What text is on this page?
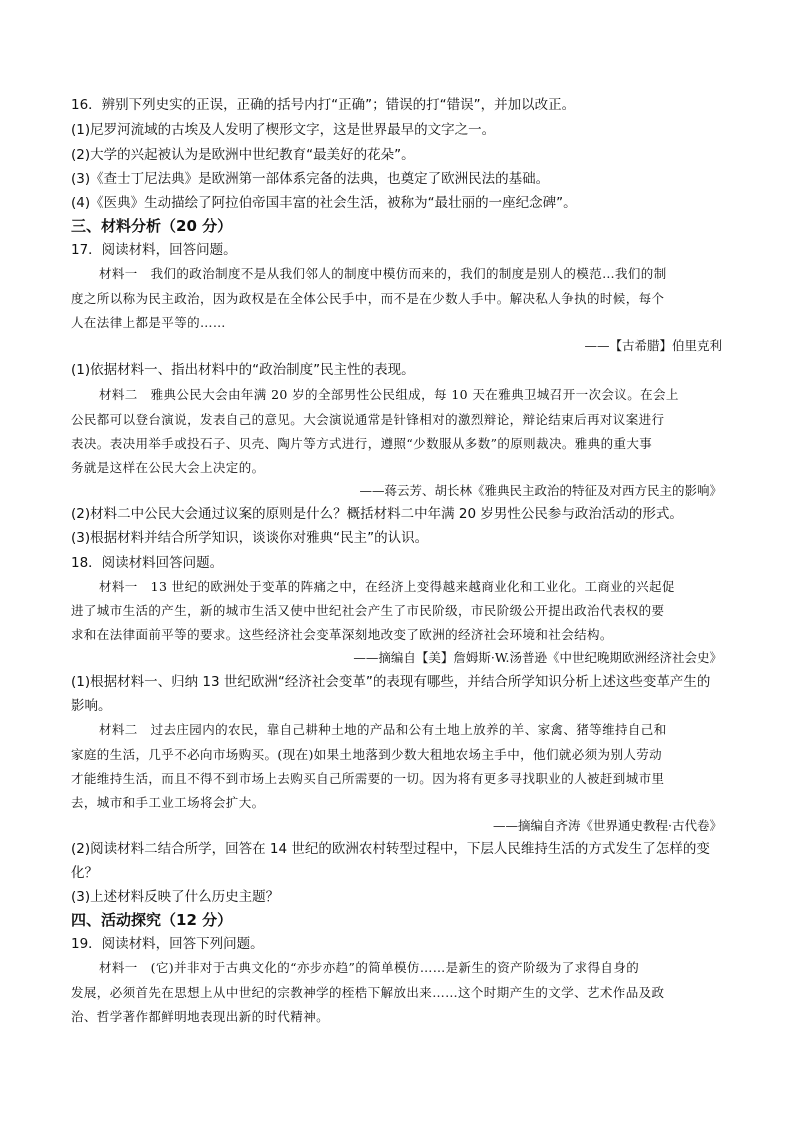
16．辨别下列史实的正误，正确的括号内打“正确”；错误的打“错误”，并加以改正。
(1)尼罗河流域的古埃及人发明了楔形文字，这是世界最早的文字之一。
(2)大学的兴起被认为是欧洲中世纪教育“最美好的花朵”。
(3)《查士丁尼法典》是欧洲第一部体系完备的法典，也奠定了欧洲民法的基础。
(4)《医典》生动描绘了阿拉伯帝国丰富的社会生活，被称为“最壮丽的一座纪念碑”。
三、材料分析（20 分）
17．阅读材料，回答问题。
材料一　我们的政治制度不是从我们邻人的制度中模仿而来的，我们的制度是别人的模范…我们的制
度之所以称为民主政治，因为政权是在全体公民手中，而不是在少数人手中。解决私人争执的时候，每个
人在法律上都是平等的……
——【古希腊】伯里克利
(1)依据材料一、指出材料中的“政治制度”民主性的表现。
材料二　雅典公民大会由年满 20 岁的全部男性公民组成，每 10 天在雅典卫城召开一次会议。在会上
公民都可以登台演说，发表自己的意见。大会演说通常是针锋相对的激烈辩论，辩论结束后再对议案进行
表决。表决用举手或投石子、贝壳、陶片等方式进行，遵照“少数服从多数”的原则裁决。雅典的重大事
务就是这样在公民大会上决定的。
——蒋云芳、胡长林《雅典民主政治的特征及对西方民主的影响》
(2)材料二中公民大会通过议案的原则是什么？概括材料二中年满 20 岁男性公民参与政治活动的形式。
(3)根据材料并结合所学知识，谈谈你对雅典“民主”的认识。
18．阅读材料回答问题。
材料一　13 世纪的欧洲处于变革的阵痛之中，在经济上变得越来越商业化和工业化。工商业的兴起促
进了城市生活的产生，新的城市生活又使中世纪社会产生了市民阶级，市民阶级公开提出政治代表权的要
求和在法律面前平等的要求。这些经济社会变革深刻地改变了欧洲的经济社会环境和社会结构。
——摘编自【美】詹姆斯·W.汤普逊《中世纪晚期欧洲经济社会史》
(1)根据材料一、归纳 13 世纪欧洲“经济社会变革”的表现有哪些，并结合所学知识分析上述这些变革产生的
影响。
材料二　过去庄园内的农民，靠自己耕种土地的产品和公有土地上放养的羊、家禽、猪等维持自己和
家庭的生活，几乎不必向市场购买。(现在)如果土地落到少数大租地农场主手中，他们就必须为别人劳动
才能维持生活，而且不得不到市场上去购买自己所需要的一切。因为将有更多寻找职业的人被赶到城市里
去，城市和手工业工场将会扩大。
——摘编自齐涛《世界通史教程·古代卷》
(2)阅读材料二结合所学，回答在 14 世纪的欧洲农村转型过程中，下层人民维持生活的方式发生了怎样的变
化？
(3)上述材料反映了什么历史主题？
四、活动探究（12 分）
19．阅读材料，回答下列问题。
材料一　(它)并非对于古典文化的“亦步亦趋”的简单模仿……是新生的资产阶级为了求得自身的
发展，必须首先在思想上从中世纪的宗教神学的桎梏下解放出来……这个时期产生的文学、艺术作品及政
治、哲学著作都鲜明地表现出新的时代精神。
